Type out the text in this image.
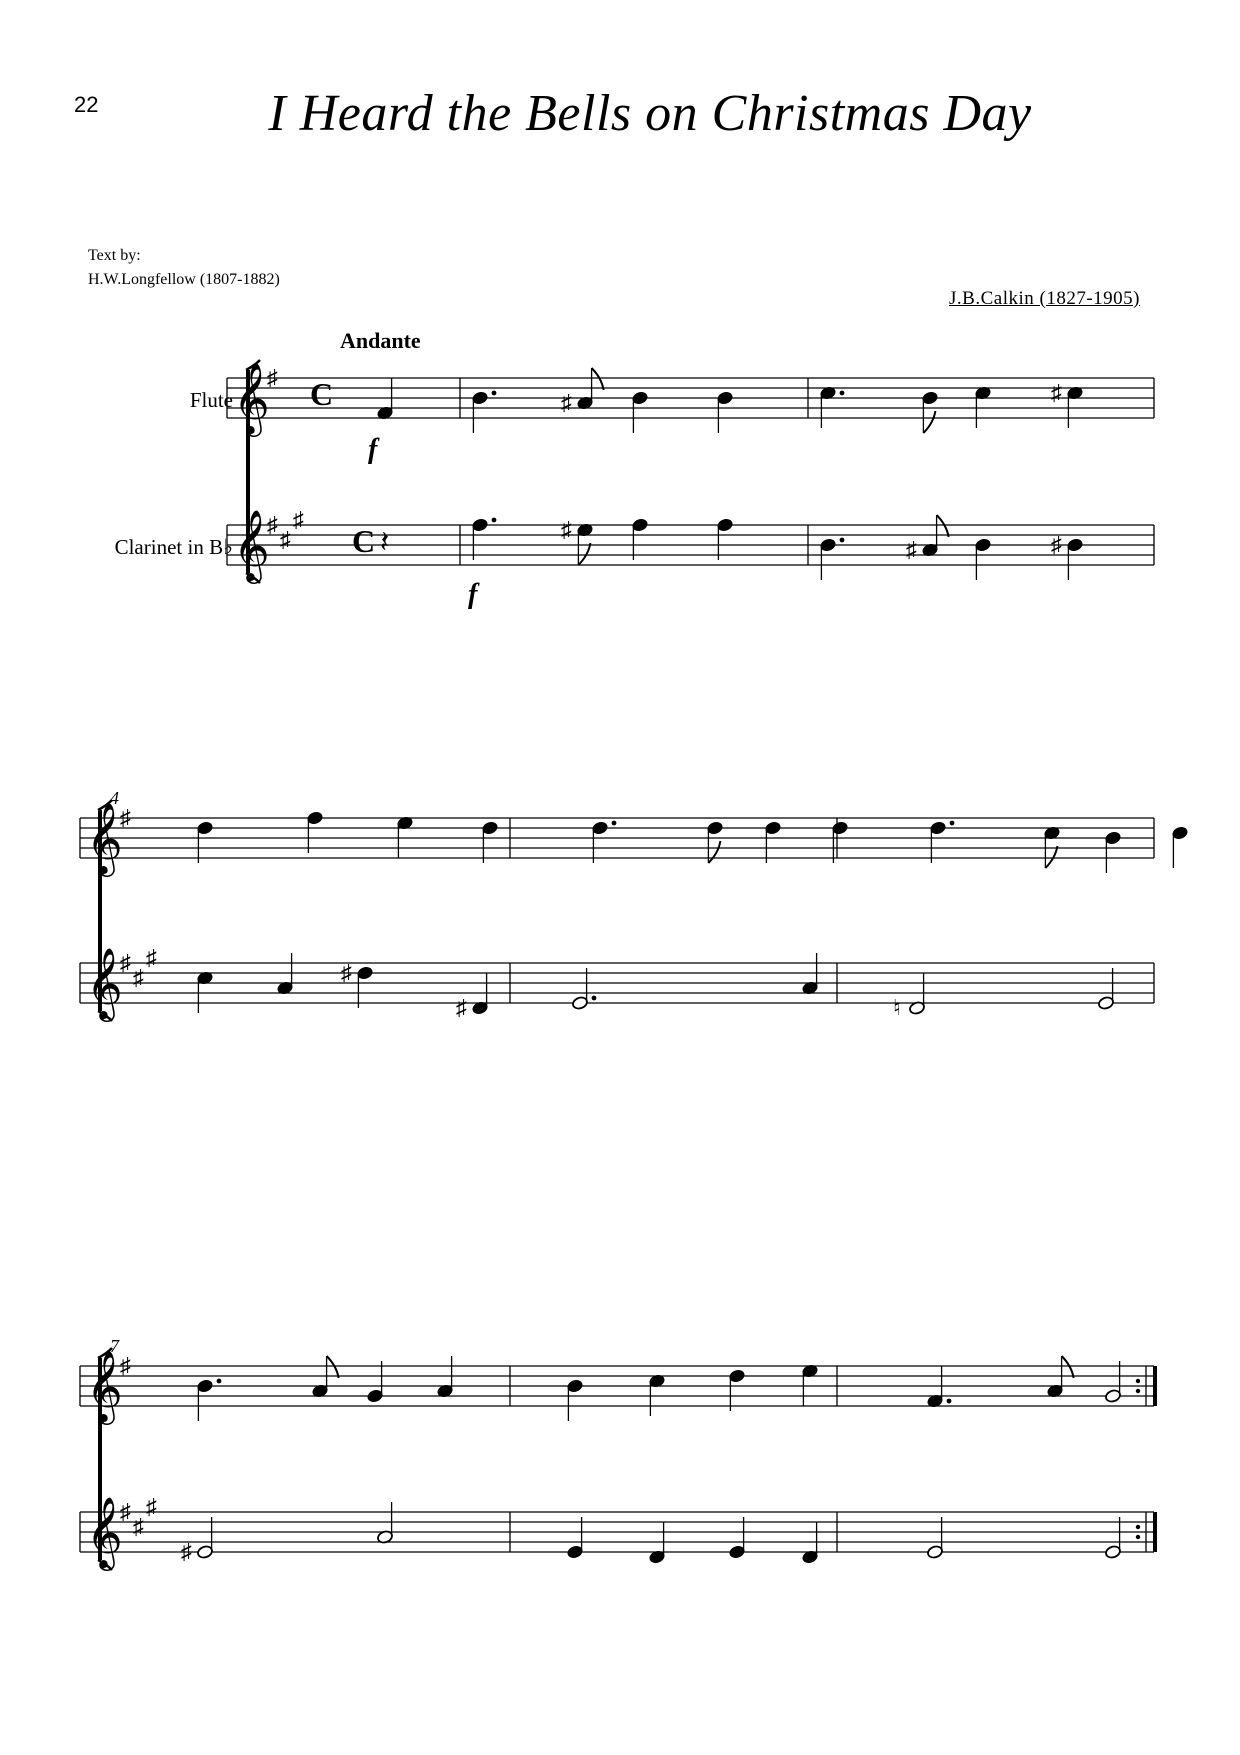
22	I Heard the Bells on Christmas Day
Text by:
H.W.Longfellow (1807-1882)
J.B.Calkin (1827-1905)
Andante
Flute
Clarinet in B♭
f
f
𝄞
♯ C	♯	♯
𝄞
♯
♯
♯
C 𝄽	♯
♯	♯
4
𝄞
♯
𝄞
♯
♯
♯
♯
♯	♮
7
𝄞
♯
𝄞
♯
♯
♯
♯
